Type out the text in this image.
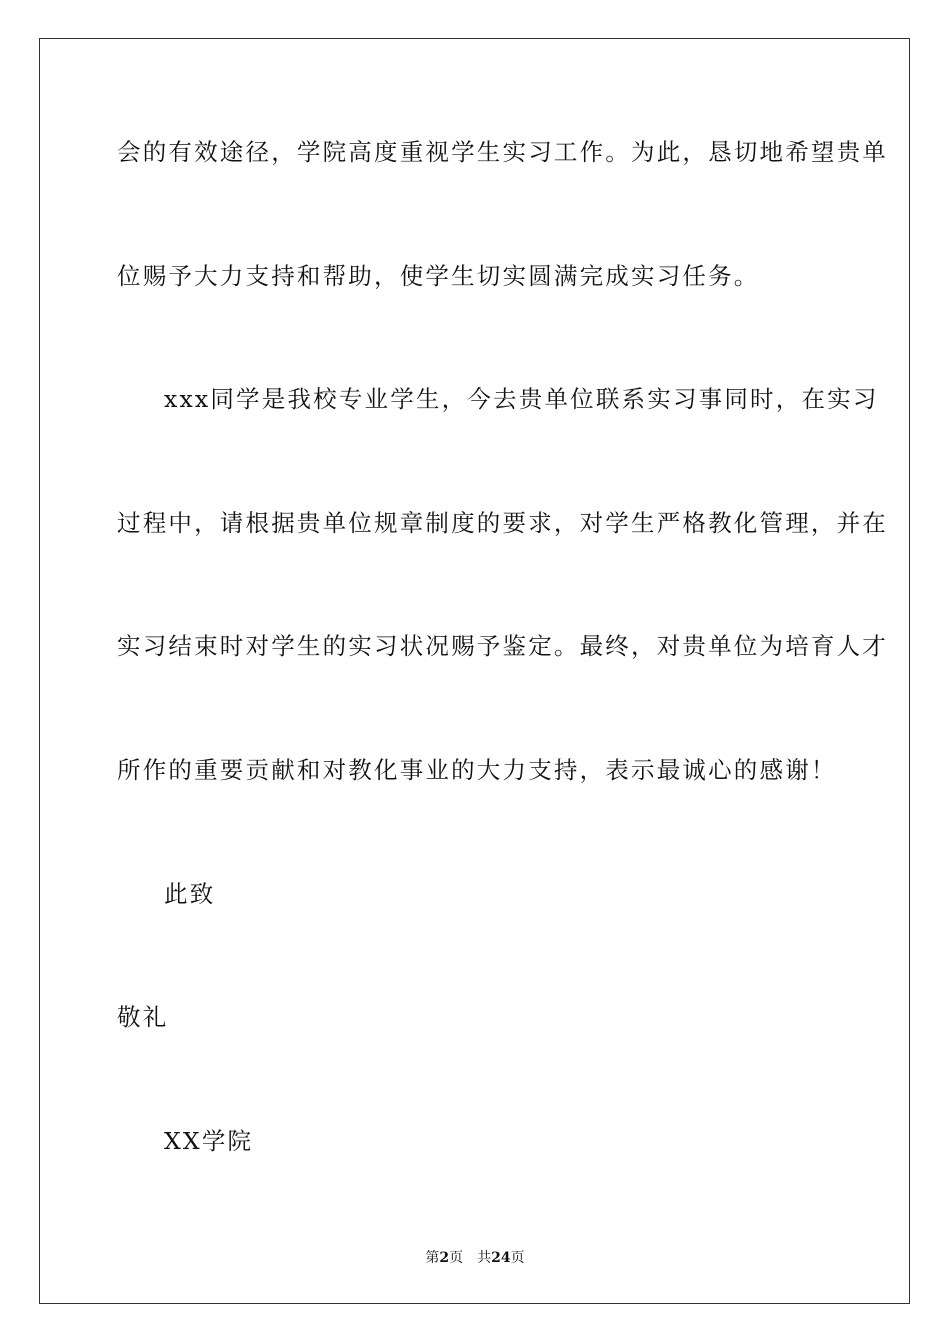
会的有效途径，学院高度重视学生实习工作。为此，恳切地希望贵单
位赐予大力支持和帮助，使学生切实圆满完成实习任务。
xxx同学是我校专业学生，今去贵单位联系实习事同时，在实习
过程中，请根据贵单位规章制度的要求，对学生严格教化管理，并在
实习结束时对学生的实习状况赐予鉴定。最终，对贵单位为培育人才
所作的重要贡献和对教化事业的大力支持，表示最诚心的感谢！
此致
敬礼
XX学院
第2页 共24页
